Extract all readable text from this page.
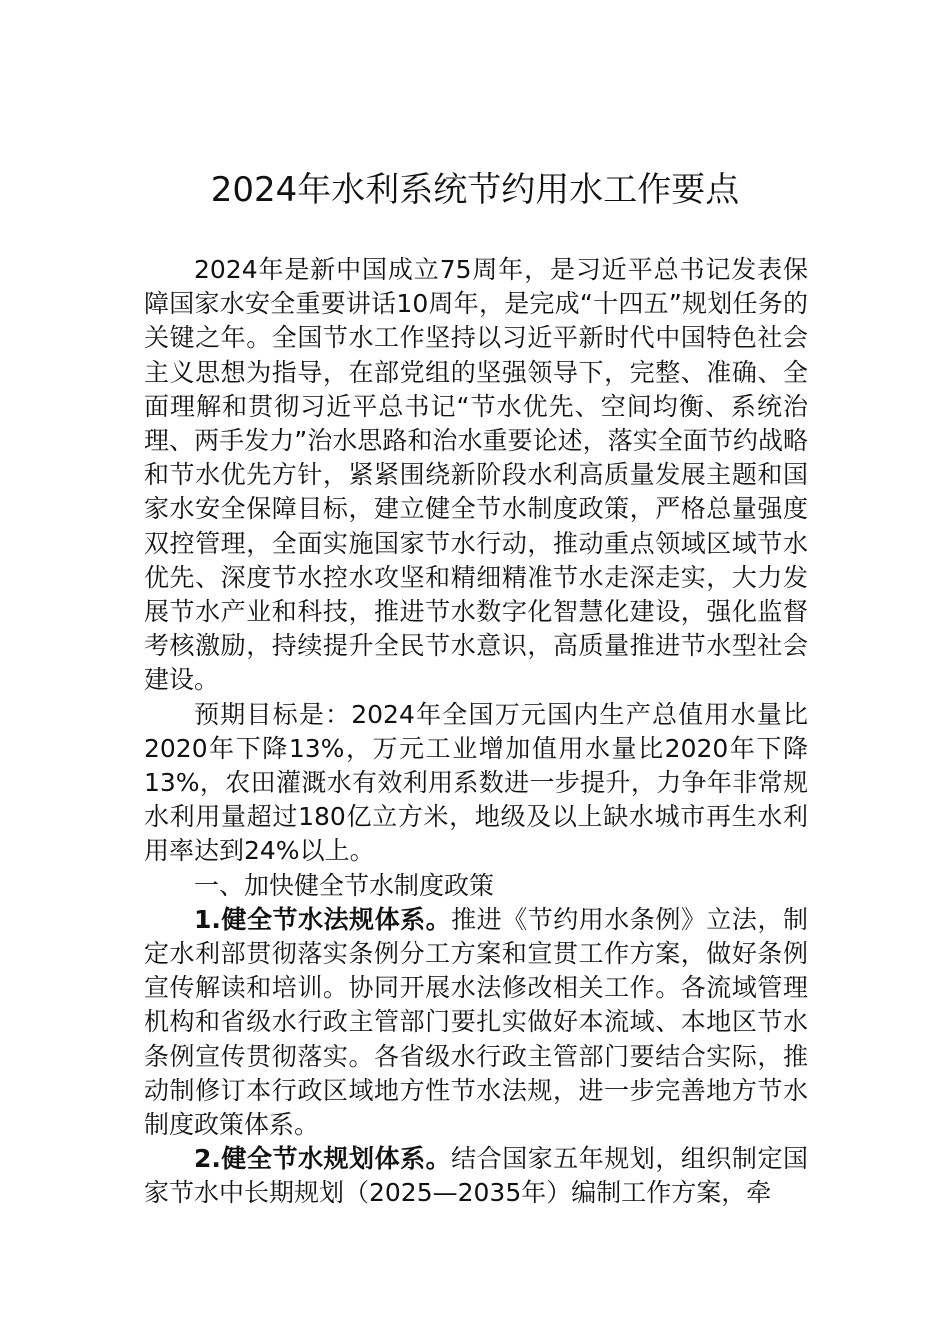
2024年水利系统节约用水工作要点

2024年是新中国成立75周年，是习近平总书记发表保障国家水安全重要讲话10周年，是完成“十四五”规划任务的关键之年。全国节水工作坚持以习近平新时代中国特色社会主义思想为指导，在部党组的坚强领导下，完整、准确、全面理解和贯彻习近平总书记“节水优先、空间均衡、系统治理、两手发力”治水思路和治水重要论述，落实全面节约战略和节水优先方针，紧紧围绕新阶段水利高质量发展主题和国家水安全保障目标，建立健全节水制度政策，严格总量强度双控管理，全面实施国家节水行动，推动重点领域区域节水优先、深度节水控水攻坚和精细精准节水走深走实，大力发展节水产业和科技，推进节水数字化智慧化建设，强化监督考核激励，持续提升全民节水意识，高质量推进节水型社会建设。

预期目标是：2024年全国万元国内生产总值用水量比2020年下降13%，万元工业增加值用水量比2020年下降13%，农田灌溉水有效利用系数进一步提升，力争年非常规水利用量超过180亿立方米，地级及以上缺水城市再生水利用率达到24%以上。

一、加快健全节水制度政策

1.健全节水法规体系。推进《节约用水条例》立法，制定水利部贯彻落实条例分工方案和宣贯工作方案，做好条例宣传解读和培训。协同开展水法修改相关工作。各流域管理机构和省级水行政主管部门要扎实做好本流域、本地区节水条例宣传贯彻落实。各省级水行政主管部门要结合实际，推动制修订本行政区域地方性节水法规，进一步完善地方节水制度政策体系。

2.健全节水规划体系。结合国家五年规划，组织制定国家节水中长期规划（2025—2035年）编制工作方案，牵
